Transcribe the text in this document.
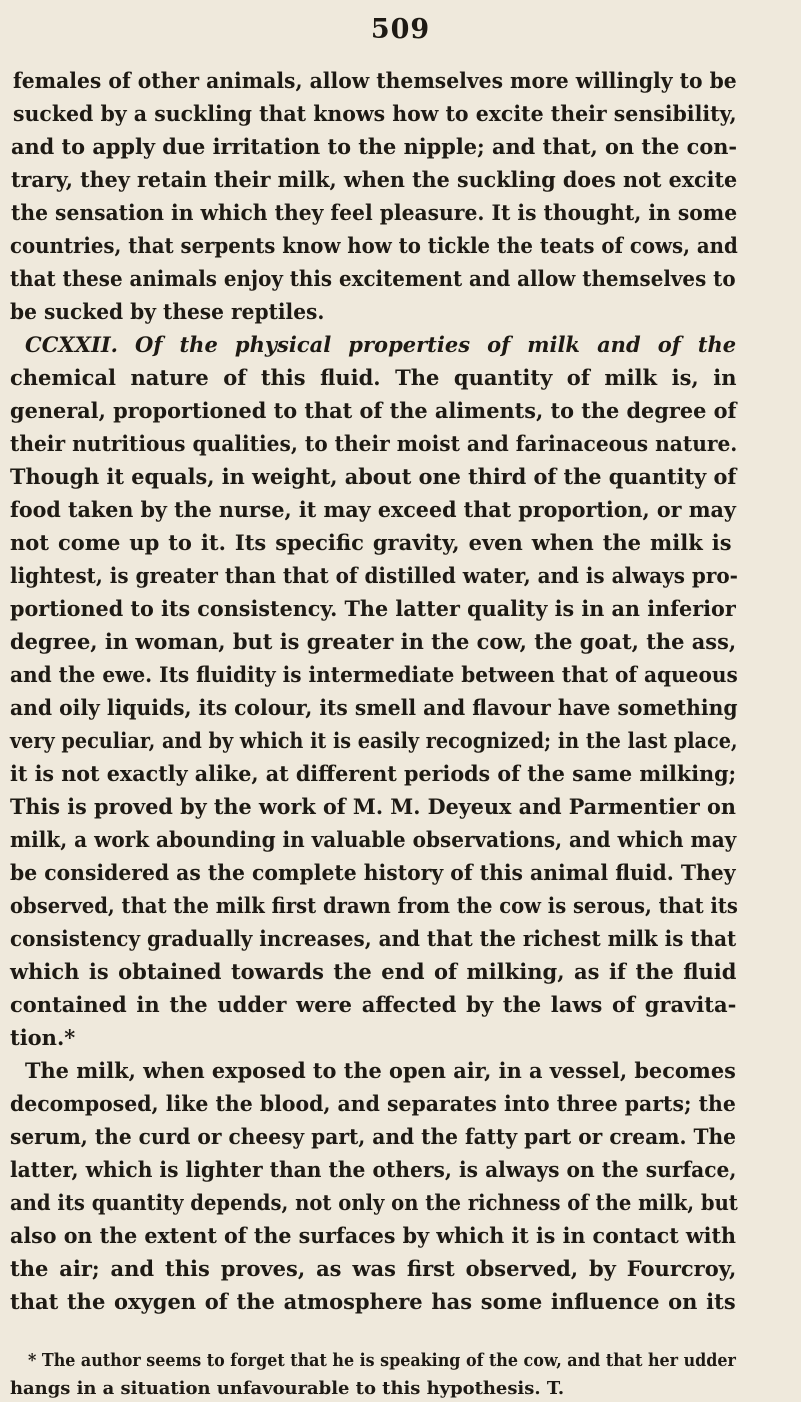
509
females of other animals, allow themselves more willingly to be
sucked by a suckling that knows how to excite their sensibility,
and to apply due irritation to the nipple; and that, on the con-
trary, they retain their milk, when the suckling does not excite
the sensation in which they feel pleasure. It is thought, in some
countries, that serpents know how to tickle the teats of cows, and
that these animals enjoy this excitement and allow themselves to
be sucked by these reptiles.
CCXXII. Of the physical properties of milk and of the
chemical nature of this fluid. The quantity of milk is, in
general, proportioned to that of the aliments, to the degree of
their nutritious qualities, to their moist and farinaceous nature.
Though it equals, in weight, about one third of the quantity of
food taken by the nurse, it may exceed that proportion, or may
not come up to it. Its specific gravity, even when the milk is
lightest, is greater than that of distilled water, and is always pro-
portioned to its consistency. The latter quality is in an inferior
degree, in woman, but is greater in the cow, the goat, the ass,
and the ewe. Its fluidity is intermediate between that of aqueous
and oily liquids, its colour, its smell and flavour have something
very peculiar, and by which it is easily recognized; in the last place,
it is not exactly alike, at different periods of the same milking;
This is proved by the work of M. M. Deyeux and Parmentier on
milk, a work abounding in valuable observations, and which may
be considered as the complete history of this animal fluid. They
observed, that the milk first drawn from the cow is serous, that its
consistency gradually increases, and that the richest milk is that
which is obtained towards the end of milking, as if the fluid
contained in the udder were affected by the laws of gravita-
tion.*
The milk, when exposed to the open air, in a vessel, becomes
decomposed, like the blood, and separates into three parts; the
serum, the curd or cheesy part, and the fatty part or cream. The
latter, which is lighter than the others, is always on the surface,
and its quantity depends, not only on the richness of the milk, but
also on the extent of the surfaces by which it is in contact with
the air; and this proves, as was first observed, by Fourcroy,
that the oxygen of the atmosphere has some influence on its
* The author seems to forget that he is speaking of the cow, and that her udder
hangs in a situation unfavourable to this hypothesis. T.
